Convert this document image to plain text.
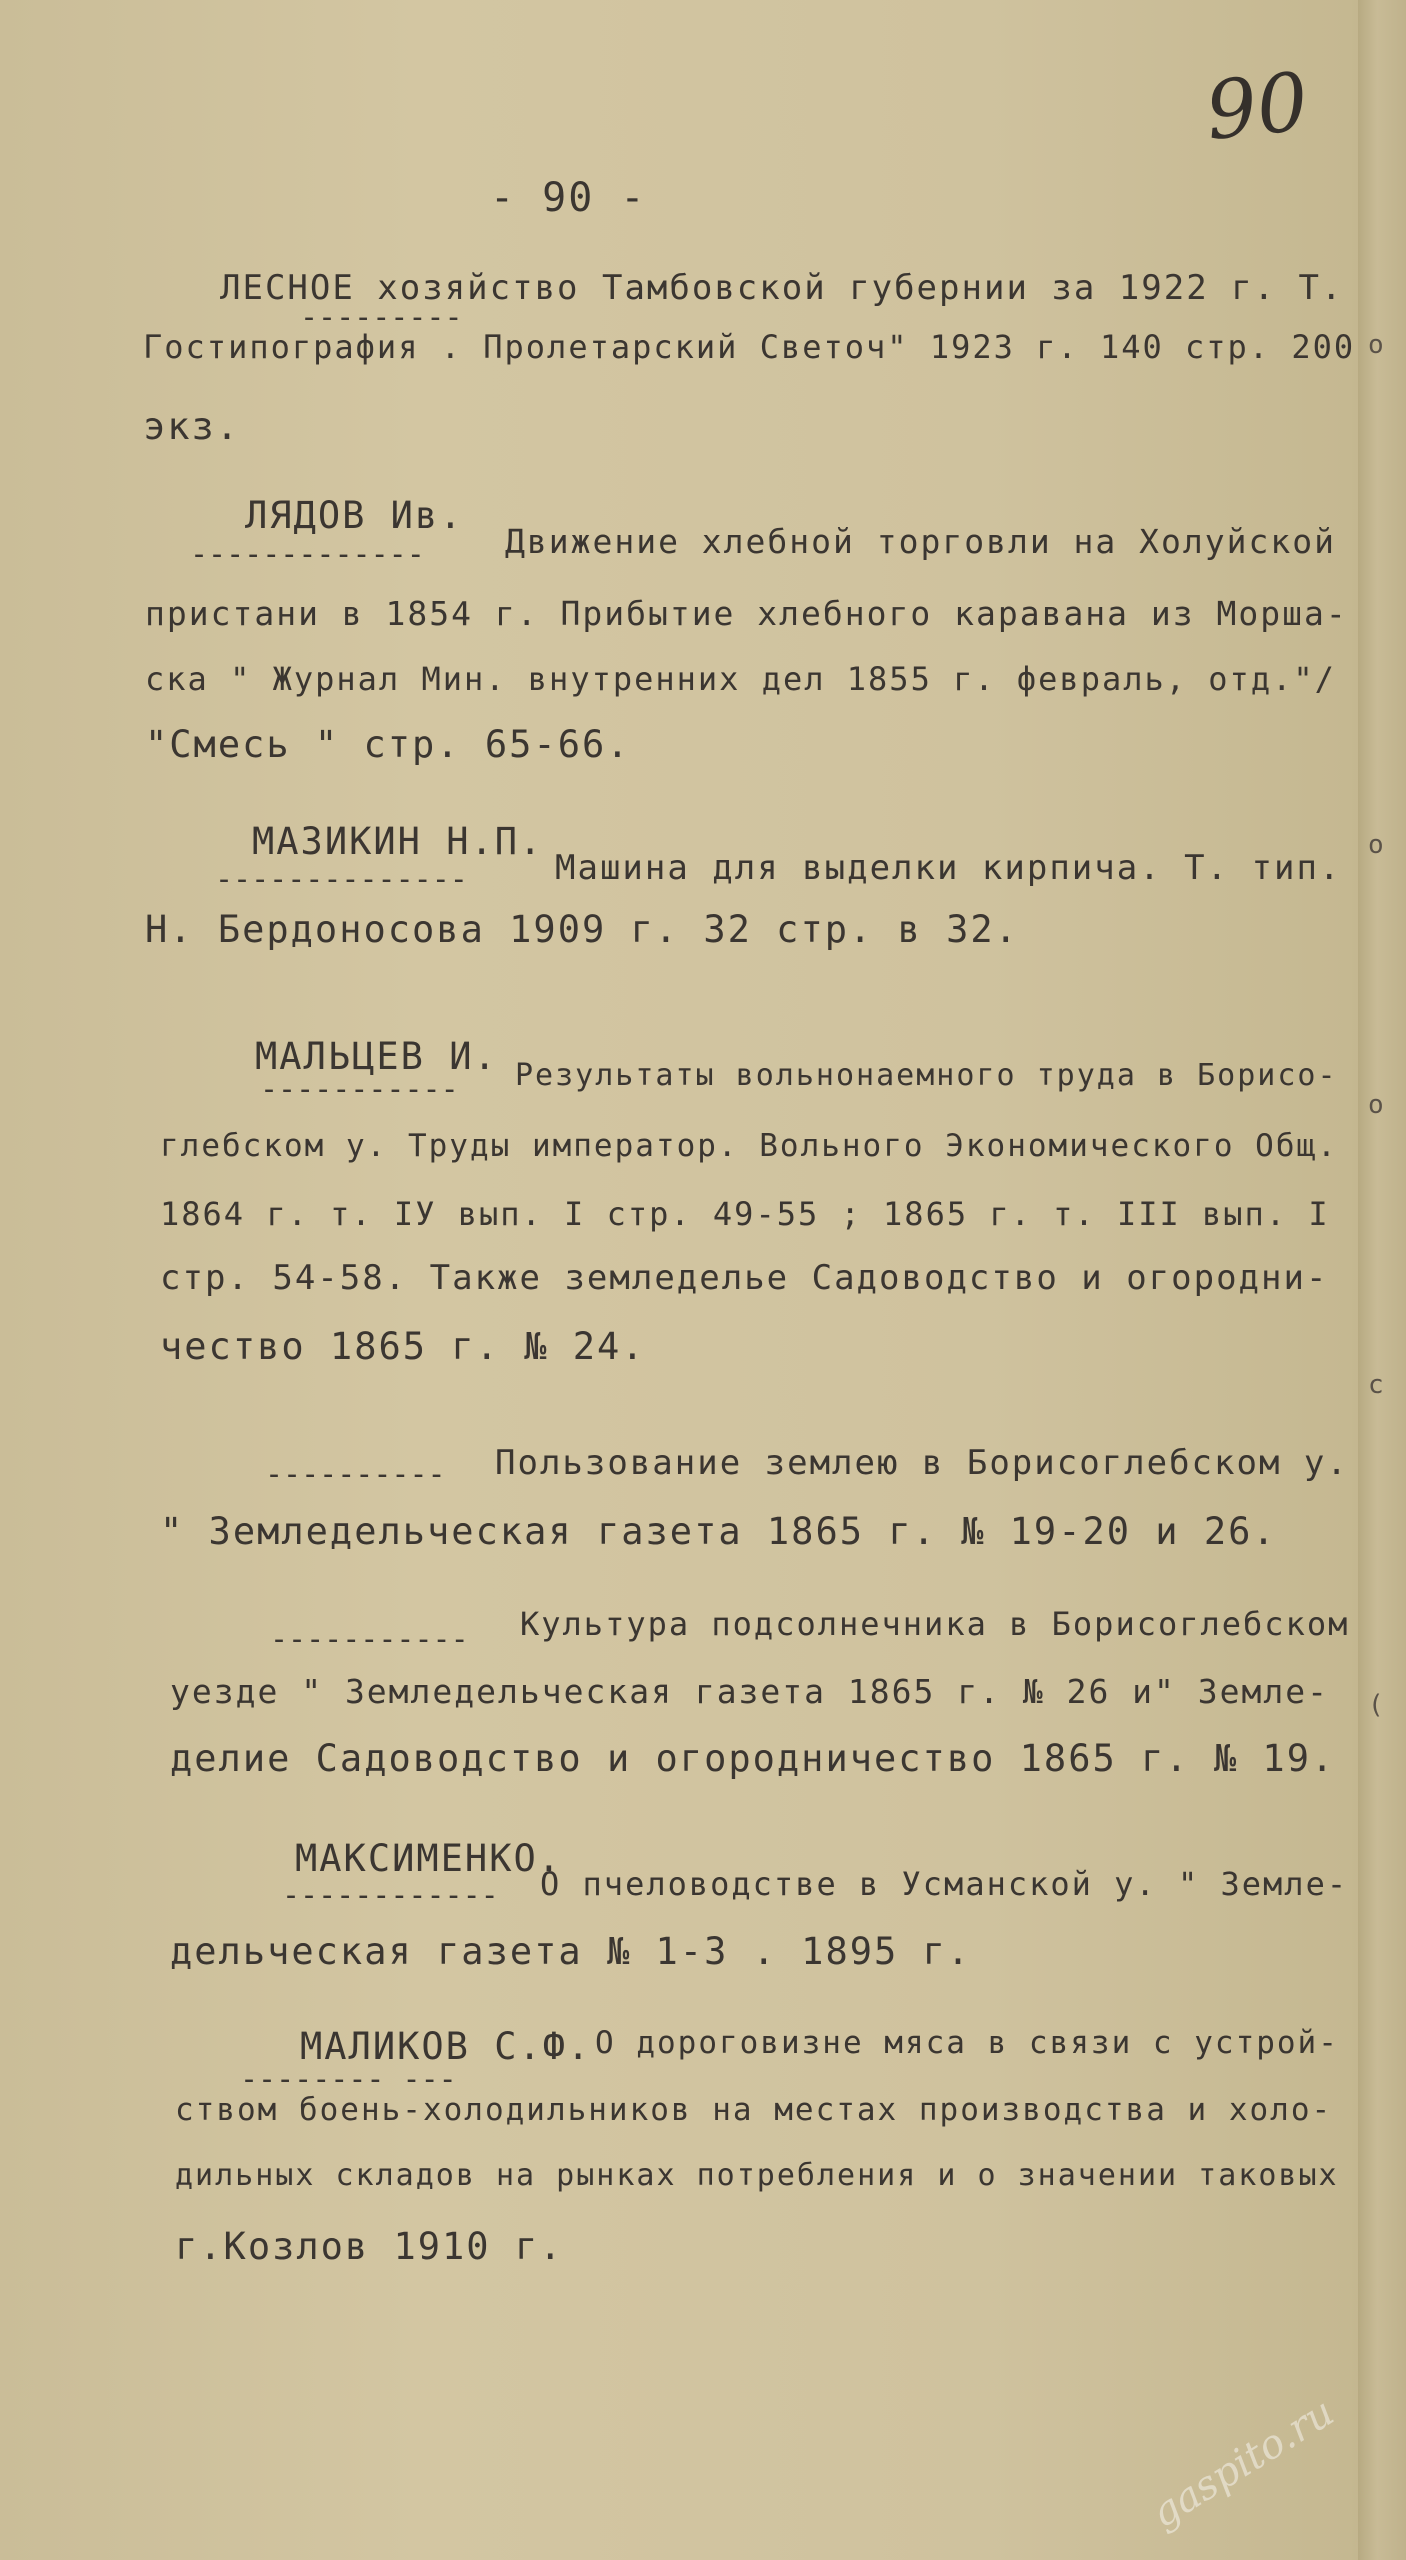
о
о
о
с
(
90
- 90 -
ЛЕСНОЕ хозяйство Тамбовской губернии за 1922 г. Т.
---------
Гостипография . Пролетарский Светоч" 1923 г. 140 стр. 200
экз.
ЛЯДОВ Ив.
------------- Движение хлебной торговли на Холуйской
пристани в 1854 г. Прибытие хлебного каравана из Морша-
ска " Журнал Мин. внутренних дел 1855 г. февраль, отд."/
"Смесь " стр. 65-66.
МАЗИКИН Н.П.
--------------	Машина для выделки кирпича. Т. тип.
Н. Бердоносова 1909 г. 32 стр. в 32.
МАЛЬЦЕВ И.
----------- Результаты вольнонаемного труда в Борисо-
глебском у. Труды император. Вольного Экономического Общ.
1864 г. т. IУ вып. I стр. 49-55 ; 1865 г. т. III вып. I
стр. 54-58. Также земледелье Садоводство и огородни-
чество 1865 г. № 24.
---------- Пользование землею в Борисоглебском у.
" Земледельческая газета 1865 г. № 19-20 и 26.
----------- Культура подсолнечника в Борисоглебском
уезде " Земледельческая газета 1865 г. № 26 и" Земле-
делие Садоводство и огородничество 1865 г. № 19.
МАКСИМЕНКО.
------------ О пчеловодстве в Усманской у. " Земле-
дельческая газета № 1-3 . 1895 г.
МАЛИКОВ С.Ф.
-------- ---
О дороговизне мяса в связи с устрой-
ством боень-холодильников на местах производства и холо-
дильных складов на рынках потребления и о значении таковых
г.Козлов 1910 г.
gaspito.ru
